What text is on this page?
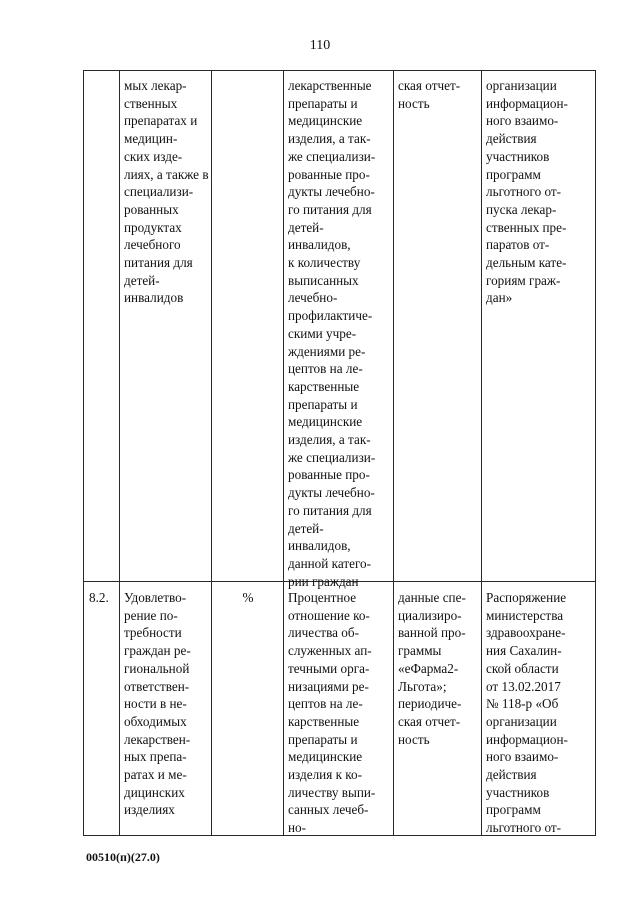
110
мых лекар-
ственных
препаратах и
медицин-
ских изде-
лиях, а также в
специализи-
рованных
продуктах
лечебного
питания для
детей-
инвалидов
лекарственные
препараты и
медицинские
изделия, а так-
же специализи-
рованные про-
дукты лечебно-
го питания для
детей-
инвалидов,
к количеству
выписанных
лечебно-
профилактиче-
скими учре-
ждениями ре-
цептов на ле-
карственные
препараты и
медицинские
изделия, а так-
же специализи-
рованные про-
дукты лечебно-
го питания для
детей-
инвалидов,
данной катего-
рии граждан
ская отчет-
ность
организации
информацион-
ного взаимо-
действия
участников
программ
льготного от-
пуска лекар-
ственных пре-
паратов от-
дельным кате-
гориям граж-
дан»
8.2.	Удовлетво-
рение по-
требности
граждан ре-
гиональной
ответствен-
ности в не-
обходимых
лекарствен-
ных препа-
ратах и ме-
дицинских
изделиях
%	Процентное
отношение ко-
личества об-
служенных ап-
течными орга-
низациями ре-
цептов на ле-
карственные
препараты и
медицинские
изделия к ко-
личеству выпи-
санных лечеб-
но-
данные спе-
циализиро-
ванной про-
граммы
«еФарма2-
Льгота»;
периодиче-
ская отчет-
ность
Распоряжение
министерства
здравоохране-
ния Сахалин-
ской области
от 13.02.2017
№ 118-р «Об
организации
информацион-
ного взаимо-
действия
участников
программ
льготного от-
00510(п)(27.0)
